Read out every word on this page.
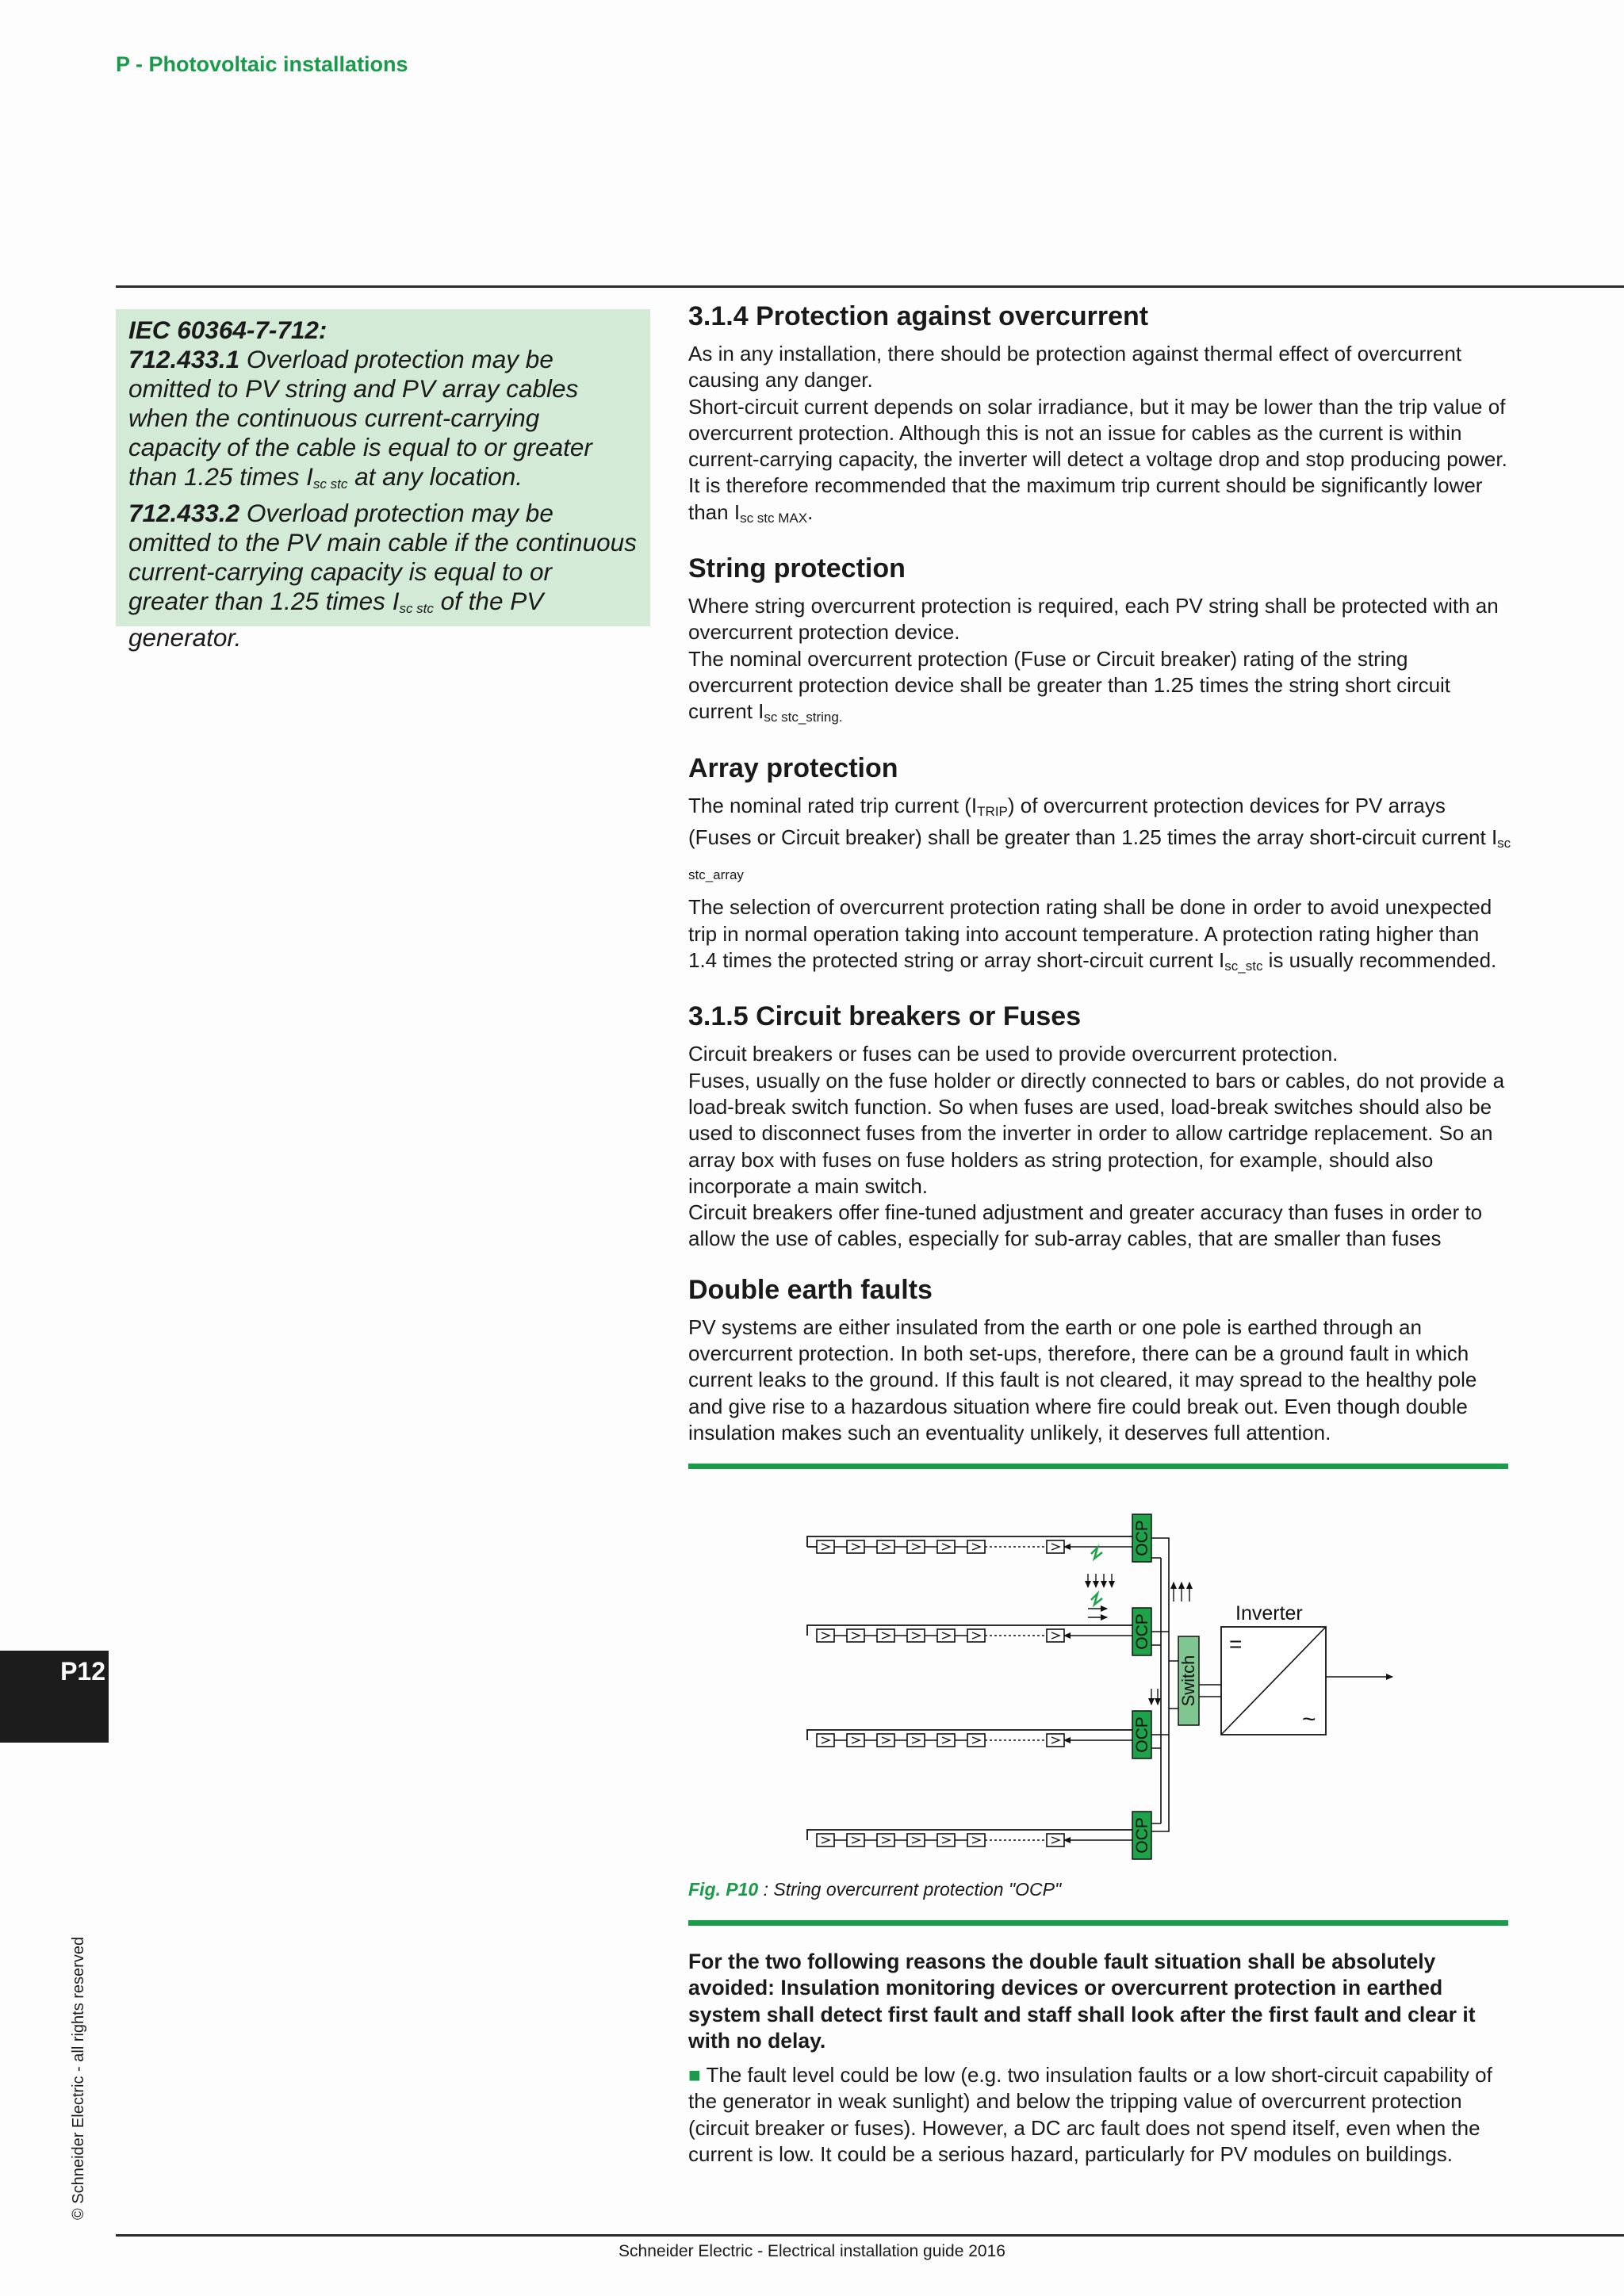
P - Photovoltaic installations

IEC 60364-7-712:

712.433.1 Overload protection may be omitted to PV string and PV array cables when the continuous current-carrying capacity of the cable is equal to or greater than 1.25 times $I_{sc stc}$ at any location.

712.433.2 Overload protection may be omitted to the PV main cable if the continuous current-carrying capacity is equal to or greater than 1.25 times $I_{sc stc}$ of the PV generator.

3.1.4 Protection against overcurrent

As in any installation, there should be protection against thermal effect of overcurrent causing any danger.

Short-circuit current depends on solar irradiance, but it may be lower than the trip value of overcurrent protection. Although this is not an issue for cables as the current is within current-carrying capacity, the inverter will detect a voltage drop and stop producing power. It is therefore recommended that the maximum trip current should be significantly lower than $I_{sc stc MAX}$.

String protection

Where string overcurrent protection is required, each PV string shall be protected with an overcurrent protection device.

The nominal overcurrent protection (Fuse or Circuit breaker) rating of the string overcurrent protection device shall be greater than 1.25 times the string short circuit current $I_{sc stc\_string.}$

Array protection

The nominal rated trip current $(I_{TRIP})$ of overcurrent protection devices for PV arrays (Fuses or Circuit breaker) shall be greater than 1.25 times the array short-circuit current $I_{sc stc\_array}$

The selection of overcurrent protection rating shall be done in order to avoid unexpected trip in normal operation taking into account temperature. A protection rating higher than 1.4 times the protected string or array short-circuit current $I_{sc\_stc}$ is usually recommended.

3.1.5 Circuit breakers or Fuses

Circuit breakers or fuses can be used to provide overcurrent protection.

Fuses, usually on the fuse holder or directly connected to bars or cables, do not provide a load-break switch function. So when fuses are used, load-break switches should also be used to disconnect fuses from the inverter in order to allow cartridge replacement. So an array box with fuses on fuse holders as string protection, for example, should also incorporate a main switch.

Circuit breakers offer fine-tuned adjustment and greater accuracy than fuses in order to allow the use of cables, especially for sub-array cables, that are smaller than fuses

Double earth faults

PV systems are either insulated from the earth or one pole is earthed through an overcurrent protection. In both set-ups, therefore, there can be a ground fault in which current leaks to the ground. If this fault is not cleared, it may spread to the healthy pole and give rise to a hazardous situation where fire could break out. Even though double insulation makes such an eventuality unlikely, it deserves full attention.

OCP
OCP
OCP
OCP
Switch
Inverter
=
~
Fig. P10 : String overcurrent protection "OCP"

For the two following reasons the double fault situation shall be absolutely avoided: Insulation monitoring devices or overcurrent protection in earthed system shall detect first fault and staff shall look after the first fault and clear it with no delay.

■ The fault level could be low (e.g. two insulation faults or a low short-circuit capability of the generator in weak sunlight) and below the tripping value of overcurrent protection (circuit breaker or fuses). However, a DC arc fault does not spend itself, even when the current is low. It could be a serious hazard, particularly for PV modules on buildings.

P12
© Schneider Electric - all rights reserved
Schneider Electric - Electrical installation guide 2016
